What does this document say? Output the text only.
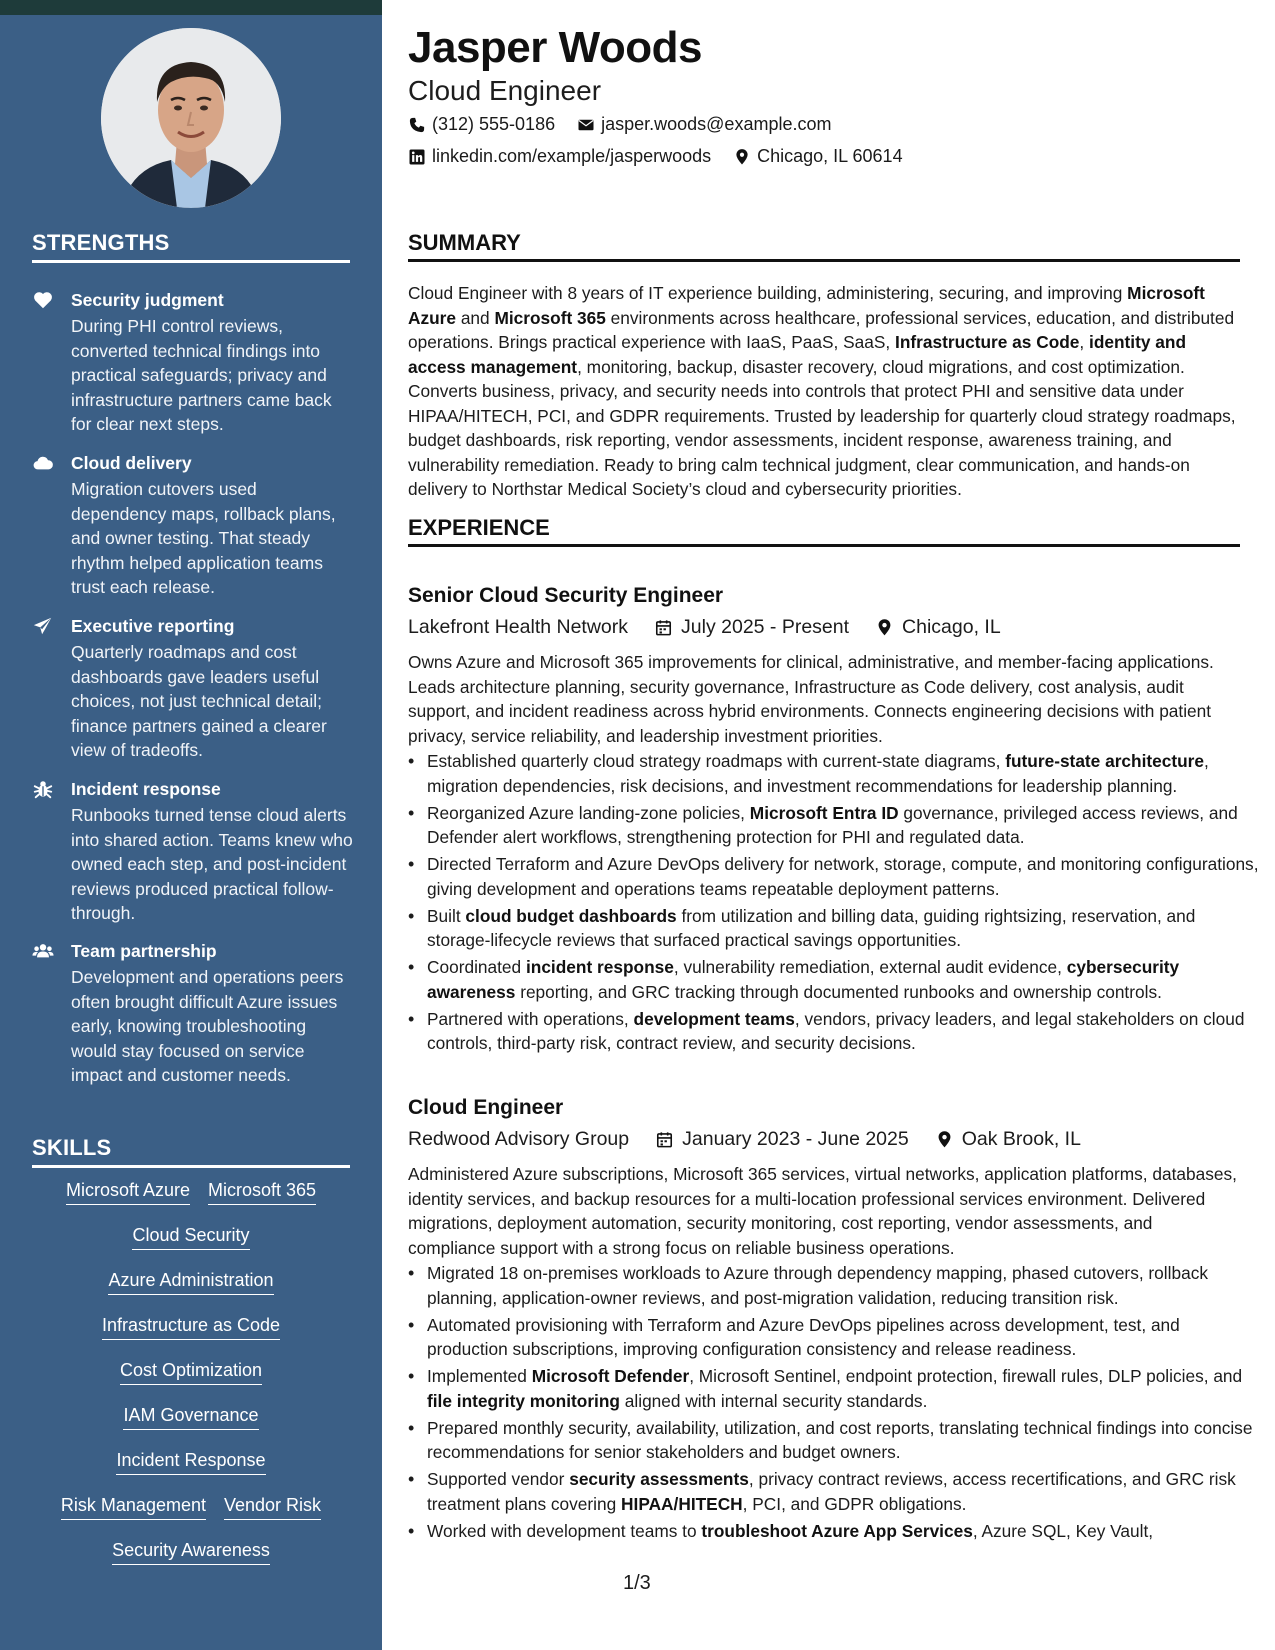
STRENGTHS
Security judgment
During PHI control reviews, converted technical findings into practical safeguards; privacy and infrastructure partners came back for clear next steps.
Cloud delivery
Migration cutovers used dependency maps, rollback plans, and owner testing. That steady rhythm helped application teams trust each release.
Executive reporting
Quarterly roadmaps and cost dashboards gave leaders useful choices, not just technical detail; finance partners gained a clearer view of tradeoffs.
Incident response
Runbooks turned tense cloud alerts into shared action. Teams knew who owned each step, and post-incident reviews produced practical follow-through.
Team partnership
Development and operations peers often brought difficult Azure issues early, knowing troubleshooting would stay focused on service impact and customer needs.
SKILLS
Microsoft Azure Microsoft 365
Cloud Security
Azure Administration
Infrastructure as Code
Cost Optimization
IAM Governance
Incident Response
Risk Management Vendor Risk
Security Awareness
Jasper Woods
Cloud Engineer
(312) 555-0186	jasper.woods@example.com
linkedin.com/example/jasperwoods	Chicago, IL 60614
SUMMARY
Cloud Engineer with 8 years of IT experience building, administering, securing, and improving Microsoft Azure and Microsoft 365 environments across healthcare, professional services, education, and distributed operations. Brings practical experience with IaaS, PaaS, SaaS, Infrastructure as Code, identity and access management, monitoring, backup, disaster recovery, cloud migrations, and cost optimization. Converts business, privacy, and security needs into controls that protect PHI and sensitive data under HIPAA/HITECH, PCI, and GDPR requirements. Trusted by leadership for quarterly cloud strategy roadmaps, budget dashboards, risk reporting, vendor assessments, incident response, awareness training, and vulnerability remediation. Ready to bring calm technical judgment, clear communication, and hands-on delivery to Northstar Medical Society’s cloud and cybersecurity priorities.
EXPERIENCE
Senior Cloud Security Engineer
Lakefront Health Network	July 2025 - Present	Chicago, IL
Owns Azure and Microsoft 365 improvements for clinical, administrative, and member-facing applications. Leads architecture planning, security governance, Infrastructure as Code delivery, cost analysis, audit support, and incident readiness across hybrid environments. Connects engineering decisions with patient privacy, service reliability, and leadership investment priorities.
• Established quarterly cloud strategy roadmaps with current-state diagrams, future-state architecture, migration dependencies, risk decisions, and investment recommendations for leadership planning.
• Reorganized Azure landing-zone policies, Microsoft Entra ID governance, privileged access reviews, and Defender alert workflows, strengthening protection for PHI and regulated data.
• Directed Terraform and Azure DevOps delivery for network, storage, compute, and monitoring configurations, giving development and operations teams repeatable deployment patterns.
• Built cloud budget dashboards from utilization and billing data, guiding rightsizing, reservation, and storage-lifecycle reviews that surfaced practical savings opportunities.
• Coordinated incident response, vulnerability remediation, external audit evidence, cybersecurity awareness reporting, and GRC tracking through documented runbooks and ownership controls.
• Partnered with operations, development teams, vendors, privacy leaders, and legal stakeholders on cloud controls, third-party risk, contract review, and security decisions.
Cloud Engineer
Redwood Advisory Group	January 2023 - June 2025	Oak Brook, IL
Administered Azure subscriptions, Microsoft 365 services, virtual networks, application platforms, databases, identity services, and backup resources for a multi-location professional services environment. Delivered migrations, deployment automation, security monitoring, cost reporting, vendor assessments, and compliance support with a strong focus on reliable business operations.
• Migrated 18 on-premises workloads to Azure through dependency mapping, phased cutovers, rollback planning, application-owner reviews, and post-migration validation, reducing transition risk.
• Automated provisioning with Terraform and Azure DevOps pipelines across development, test, and production subscriptions, improving configuration consistency and release readiness.
• Implemented Microsoft Defender, Microsoft Sentinel, endpoint protection, firewall rules, DLP policies, and file integrity monitoring aligned with internal security standards.
• Prepared monthly security, availability, utilization, and cost reports, translating technical findings into concise recommendations for senior stakeholders and budget owners.
• Supported vendor security assessments, privacy contract reviews, access recertifications, and GRC risk treatment plans covering HIPAA/HITECH, PCI, and GDPR obligations.
• Worked with development teams to troubleshoot Azure App Services, Azure SQL, Key Vault,
1/3
